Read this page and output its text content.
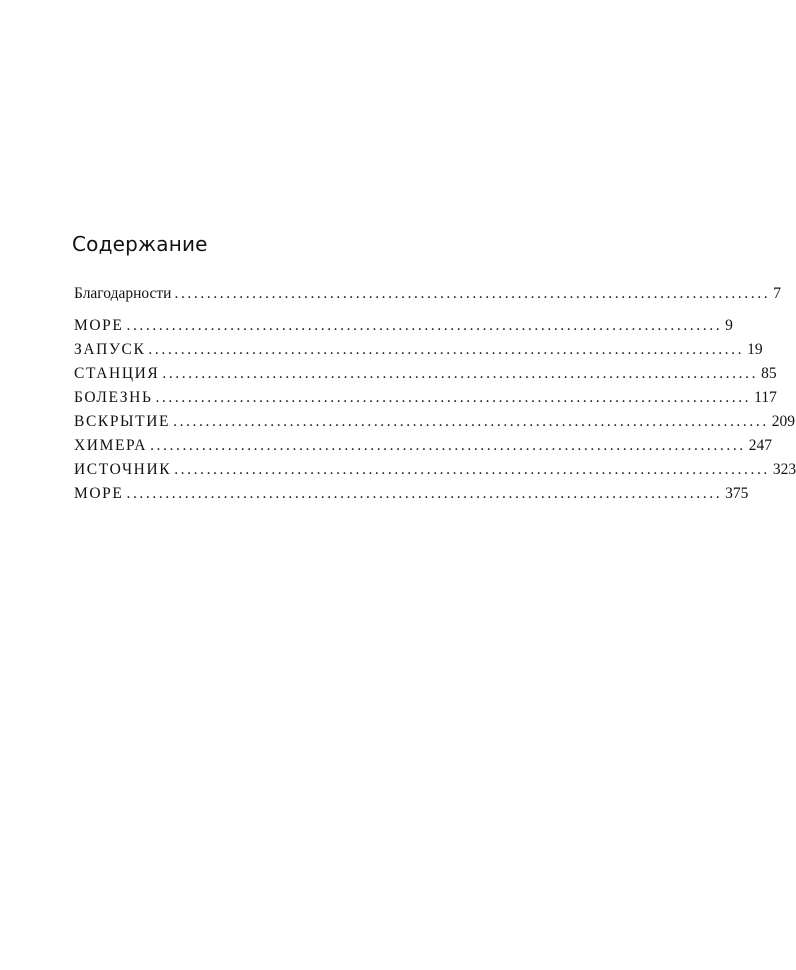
Содержание
Благодарности ............................................................................................ 7
МОРЕ ............................................................................................ 9
ЗАПУСК ............................................................................................ 19
СТАНЦИЯ ............................................................................................ 85
БОЛЕЗНЬ ............................................................................................ 117
ВСКРЫТИЕ ............................................................................................ 209
ХИМЕРА ............................................................................................ 247
ИСТОЧНИК ............................................................................................ 323
МОРЕ ............................................................................................ 375
